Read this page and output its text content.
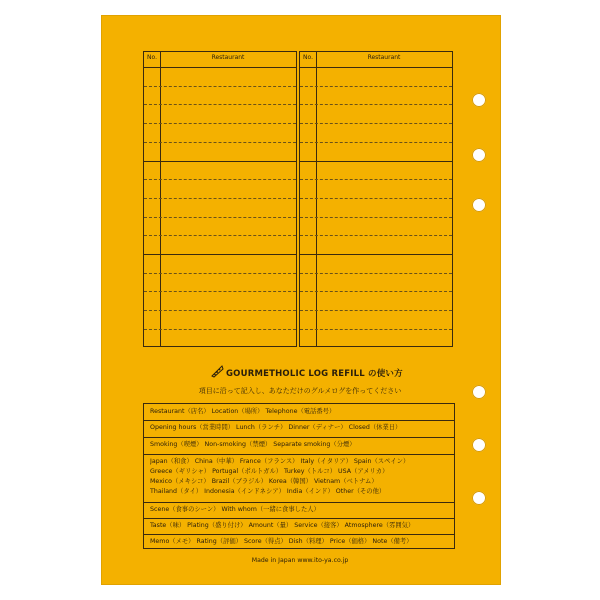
No.	Restaurant	No.	Restaurant
GOURMETHOLIC LOG REFILL の使い方
項目に沿って記入し、あなただけのグルメログを作ってください
Restaurant（店名） Location（場所） Telephone（電話番号）
Opening hours（営業時間） Lunch（ランチ） Dinner（ディナー） Closed（休業日）
Smoking（喫煙） Non-smoking（禁煙） Separate smoking（分煙）
Japan（和食） China（中華） France（フランス） Italy（イタリア） Spain（スペイン）
Greece（ギリシャ） Portugal（ポルトガル） Turkey（トルコ） USA（アメリカ）
Mexico（メキシコ） Brazil（ブラジル） Korea（韓国） Vietnam（ベトナム）
Thailand（タイ） Indonesia（インドネシア） India（インド） Other（その他）
Scene（食事のシーン） With whom（一緒に食事した人）
Taste（味） Plating（盛り付け） Amount（量） Service（接客） Atmosphere（雰囲気）
Memo（メモ） Rating（評価） Score（得点） Dish（料理） Price（価格） Note（備考）
Made in Japan www.ito-ya.co.jp
